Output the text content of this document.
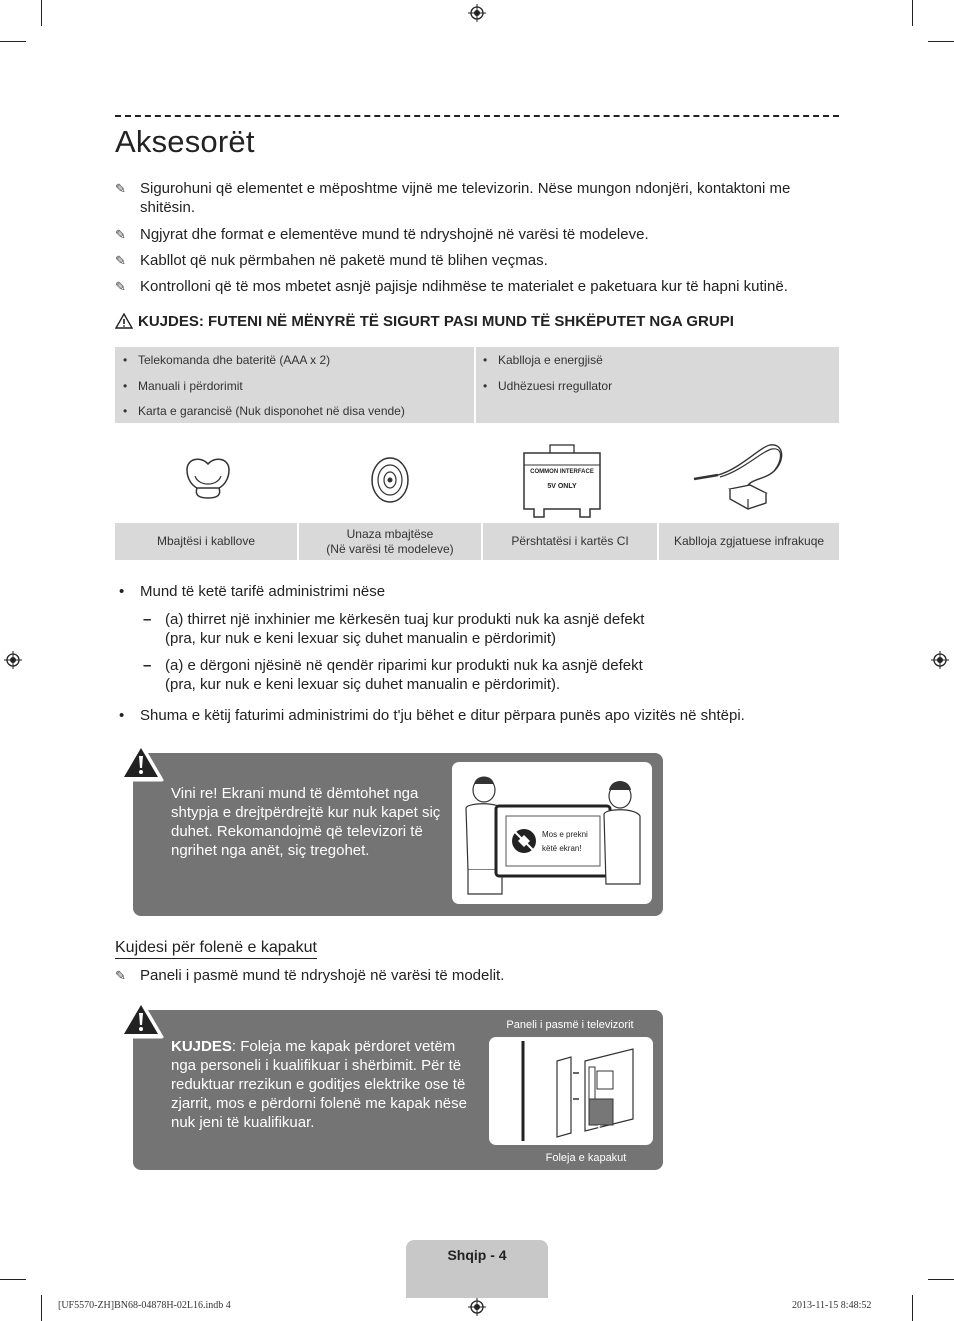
Aksesorët
✎ Sigurohuni që elementet e mëposhtme vijnë me televizorin. Nëse mungon ndonjëri, kontaktoni me shitësin.
✎ Ngjyrat dhe format e elementëve mund të ndryshojnë në varësi të modeleve.
✎ Kabllot që nuk përmbahen në paketë mund të blihen veçmas.
✎ Kontrolloni që të mos mbetet asnjë pajisje ndihmëse te materialet e paketuara kur të hapni kutinë.
KUJDES: FUTENI NË MËNYRË TË SIGURT PASI MUND TË SHKËPUTET NGA GRUPI
• Telekomanda dhe bateritë (AAA x 2)
• Manuali i përdorimit
• Karta e garancisë (Nuk disponohet në disa vende)
• Kablloja e energjisë
• Udhëzuesi rregullator
COMMON INTERFACE
5V ONLY
Mbajtësi i kabllove
Unaza mbajtëse
(Në varësi të modeleve)
Përshtatësi i kartës CI	Kablloja zgjatuese infrakuqe
• Mund të ketë tarifë administrimi nëse
– (a) thirret një inxhinier me kërkesën tuaj kur produkti nuk ka asnjë defekt
(pra, kur nuk e keni lexuar siç duhet manualin e përdorimit)
– (a) e dërgoni njësinë në qendër riparimi kur produkti nuk ka asnjë defekt
(pra, kur nuk e keni lexuar siç duhet manualin e përdorimit).
• Shuma e këtij faturimi administrimi do t'ju bëhet e ditur përpara punës apo vizitës në shtëpi.
Vini re! Ekrani mund të dëmtohet nga shtypja e drejtpërdrejtë kur nuk kapet siç duhet. Rekomandojmë që televizori të ngrihet nga anët, siç tregohet.
Mos e prekni
këtë ekran!
Kujdesi për folenë e kapakut
✎ Paneli i pasmë mund të ndryshojë në varësi të modelit.
KUJDES: Foleja me kapak përdoret vetëm nga personeli i kualifikuar i shërbimit. Për të reduktuar rrezikun e goditjes elektrike ose të zjarrit, mos e përdorni folenë me kapak nëse nuk jeni të kualifikuar.
Paneli i pasmë i televizorit
Foleja e kapakut
Shqip - 4
[UF5570-ZH]BN68-04878H-02L16.indb 4	2013-11-15 8:48:52
